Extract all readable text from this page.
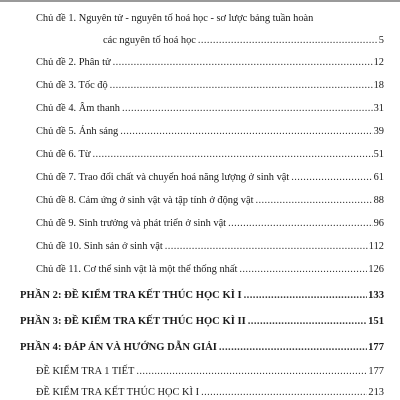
Chủ đề 1. Nguyên tử - nguyên tố hoá học - sơ lược bảng tuần hoàn
các nguyên tố hoá học .....	5
Chủ đề 2. Phân tử .....	12
Chủ đề 3. Tốc độ .....	18
Chủ đề 4. Âm thanh .....	31
Chủ đề 5. Ánh sáng .....	39
Chủ đề 6. Từ .....	51
Chủ đề 7. Trao đổi chất và chuyển hoá năng lượng ở sinh vật .....	61
Chủ đề 8. Cảm ứng ở sinh vật và tập tính ở động vật .....	88
Chủ đề 9. Sinh trưởng và phát triển ở sinh vật .....	96
Chủ đề 10. Sinh sản ở sinh vật .....	112
Chủ đề 11. Cơ thể sinh vật là một thể thống nhất .....	126
PHẦN 2: ĐỀ KIỂM TRA KẾT THÚC HỌC KÌ I .....	133
PHẦN 3: ĐỀ KIỂM TRA KẾT THÚC HỌC KÌ II .....	151
PHẦN 4: ĐÁP ÁN VÀ HƯỚNG DẪN GIẢI .....	177
ĐỀ KIỂM TRA 1 TIẾT .....	177
ĐỀ KIỂM TRA KẾT THÚC HỌC KÌ I .....	213
